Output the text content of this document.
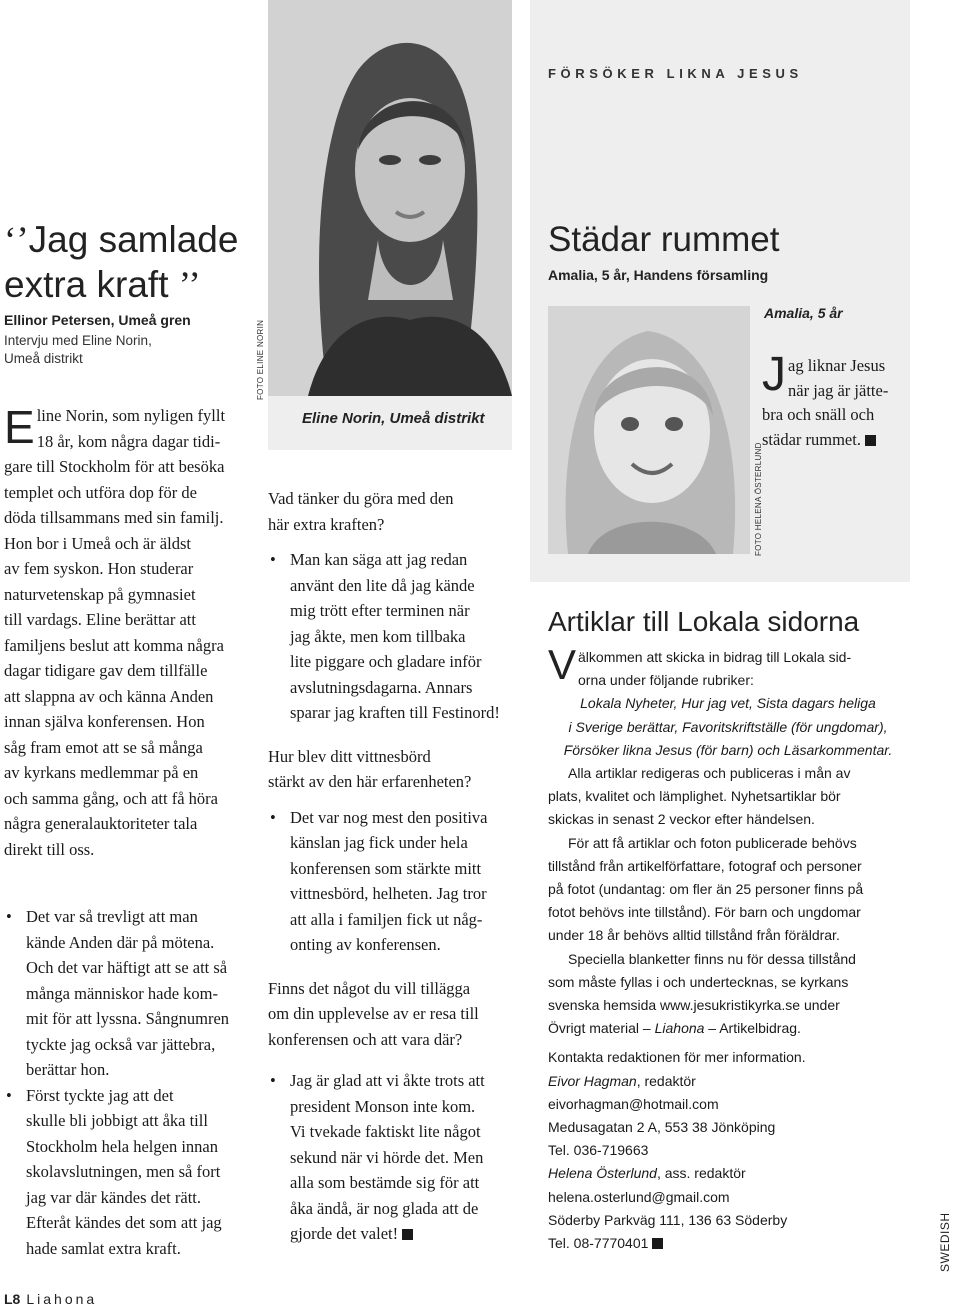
‘’Jag samlade
extra kraft ’’
Ellinor Petersen, Umeå gren
Intervju med Eline Norin,
Umeå distrikt
E line Norin, som nyligen fyllt
18 år, kom några dagar tidi-
gare till Stockholm för att besöka
templet och utföra dop för de
döda tillsammans med sin familj.
Hon bor i Umeå och är äldst
av fem syskon. Hon studerar
naturvetenskap på gymnasiet
till vardags. Eline berättar att
familjens beslut att komma några
dagar tidigare gav dem tillfälle
att slappna av och känna Anden
innan själva konferensen. Hon
såg fram emot att se så många
av kyrkans medlemmar på en
och samma gång, och att få höra
några generalauktoriteter tala
direkt till oss.
• Det var så trevligt att man
kände Anden där på mötena.
Och det var häftigt att se att så
många människor hade kom-
mit för att lyssna. Sångnumren
tyckte jag också var jättebra,
berättar hon.
• Först tyckte jag att det
skulle bli jobbigt att åka till
Stockholm hela helgen innan
skolavslutningen, men så fort
jag var där kändes det rätt.
Efteråt kändes det som att jag
hade samlat extra kraft.
FOTO ELINE NORIN
Eline Norin, Umeå distrikt
Vad tänker du göra med den
här extra kraften?
• Man kan säga att jag redan
använt den lite då jag kände
mig trött efter terminen när
jag åkte, men kom tillbaka
lite piggare och gladare inför
avslutningsdagarna. Annars
sparar jag kraften till Festinord!
Hur blev ditt vittnesbörd
stärkt av den här erfarenheten?
• Det var nog mest den positiva
känslan jag fick under hela
konferensen som stärkte mitt
vittnesbörd, helheten. Jag tror
att alla i familjen fick ut någ-
onting av konferensen.
Finns det något du vill tillägga
om din upplevelse av er resa till
konferensen och att vara där?
• Jag är glad att vi åkte trots att
president Monson inte kom.
Vi tvekade faktiskt lite något
sekund när vi hörde det. Men
alla som bestämde sig för att
åka ändå, är nog glada att de
gjorde det valet!

FÖRSÖKER LIKNA JESUS
Städar rummet
Amalia, 5 år, Handens församling
Amalia, 5 år
FOTO HELENA ÖSTERLUND
J ag liknar Jesus
när jag är jätte-
bra och snäll och
städar rummet.

Artiklar till Lokala sidorna
V älkommen att skicka in bidrag till Lokala sid-
orna under följande rubriker:
Lokala Nyheter, Hur jag vet, Sista dagars heliga
i Sverige berättar, Favoritskriftställe (för ungdomar),
Försöker likna Jesus (för barn) och Läsarkommentar.
Alla artiklar redigeras och publiceras i mån av
plats, kvalitet och lämplighet. Nyhetsartiklar bör
skickas in senast 2 veckor efter händelsen.
För att få artiklar och foton publicerade behövs
tillstånd från artikelförfattare, fotograf och personer
på fotot (undantag: om fler än 25 personer finns på
fotot behövs inte tillstånd). För barn och ungdomar
under 18 år behövs alltid tillstånd från föräldrar.
Speciella blanketter finns nu för dessa tillstånd
som måste fyllas i och undertecknas, se kyrkans
svenska hemsida www.jesukristikyrka.se under
Övrigt material – Liahona – Artikelbidrag.
Kontakta redaktionen för mer information.
Eivor Hagman, redaktör
eivorhagman@hotmail.com
Medusagatan 2 A, 553 38 Jönköping
Tel. 036-719663
Helena Österlund, ass. redaktör
helena.osterlund@gmail.com
Söderby Parkväg 111, 136 63 Söderby
Tel. 08-7770401	SWEDISH
L8 Liahona
